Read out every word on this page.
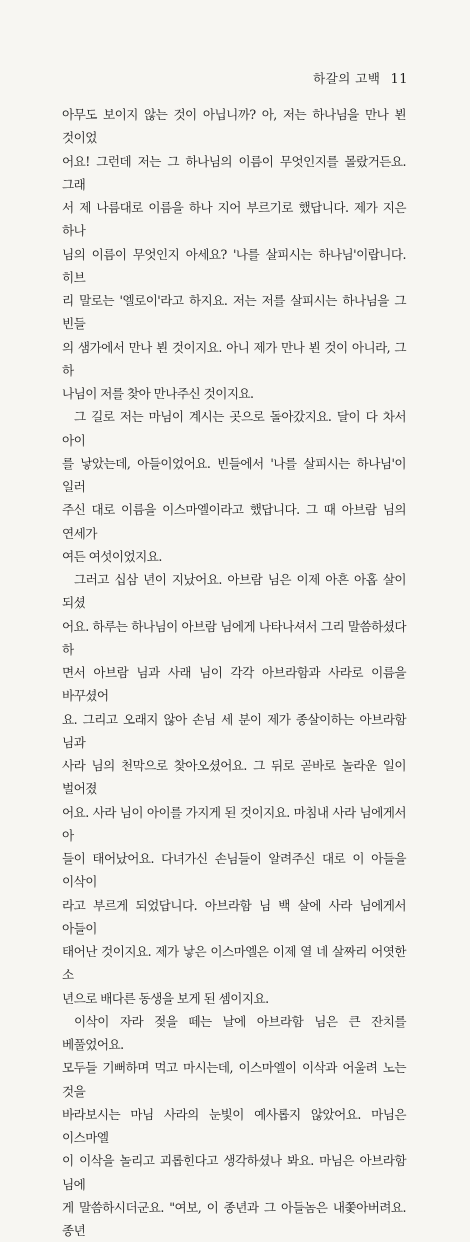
하갈의 고백 11

아무도 보이지 않는 것이 아닙니까? 아, 저는 하나님을 만나 뵌 것이었

어요! 그런데 저는 그 하나님의 이름이 무엇인지를 몰랐거든요. 그래

서 제 나름대로 이름을 하나 지어 부르기로 했답니다. 제가 지은 하나

님의 이름이 무엇인지 아세요? '나를 살피시는 하나님'이랍니다. 히브

리 말로는 '엘로이'라고 하지요. 저는 저를 살피시는 하나님을 그 빈들

의 샘가에서 만나 뵌 것이지요. 아니 제가 만나 뵌 것이 아니라, 그 하

나님이 저를 찾아 만나주신 것이지요.

그 길로 저는 마님이 계시는 곳으로 돌아갔지요. 달이 다 차서 아이

를 낳았는데, 아들이었어요. 빈들에서 '나를 살피시는 하나님'이 일러

주신 대로 이름을 이스마엘이라고 했답니다. 그 때 아브람 님의 연세가

여든 여섯이었지요.

그러고 십삼 년이 지났어요. 아브람 님은 이제 아흔 아홉 살이 되셨

어요. 하루는 하나님이 아브람 님에게 나타나셔서 그리 말씀하셨다 하

면서 아브람 님과 사래 님이 각각 아브라함과 사라로 이름을 바꾸셨어

요. 그리고 오래지 않아 손님 세 분이 제가 종살이하는 아브라함 님과

사라 님의 천막으로 찾아오셨어요. 그 뒤로 곧바로 놀라운 일이 벌어졌

어요. 사라 님이 아이를 가지게 된 것이지요. 마침내 사라 님에게서 아

들이 태어났어요. 다녀가신 손님들이 알려주신 대로 이 아들을 이삭이

라고 부르게 되었답니다. 아브라함 님 백 살에 사라 님에게서 아들이

태어난 것이지요. 제가 낳은 이스마엘은 이제 열 네 살짜리 어엿한 소

년으로 배다른 동생을 보게 된 셈이지요.

이삭이 자라 젖을 떼는 날에 아브라함 님은 큰 잔치를 베풀었어요.

모두들 기뻐하며 먹고 마시는데, 이스마엘이 이삭과 어울려 노는 것을

바라보시는 마님 사라의 눈빛이 예사롭지 않았어요. 마님은 이스마엘

이 이삭을 놀리고 괴롭힌다고 생각하셨나 봐요. 마님은 아브라함 님에

게 말씀하시더군요. "여보, 이 종년과 그 아들놈은 내쫓아버려요. 종년
